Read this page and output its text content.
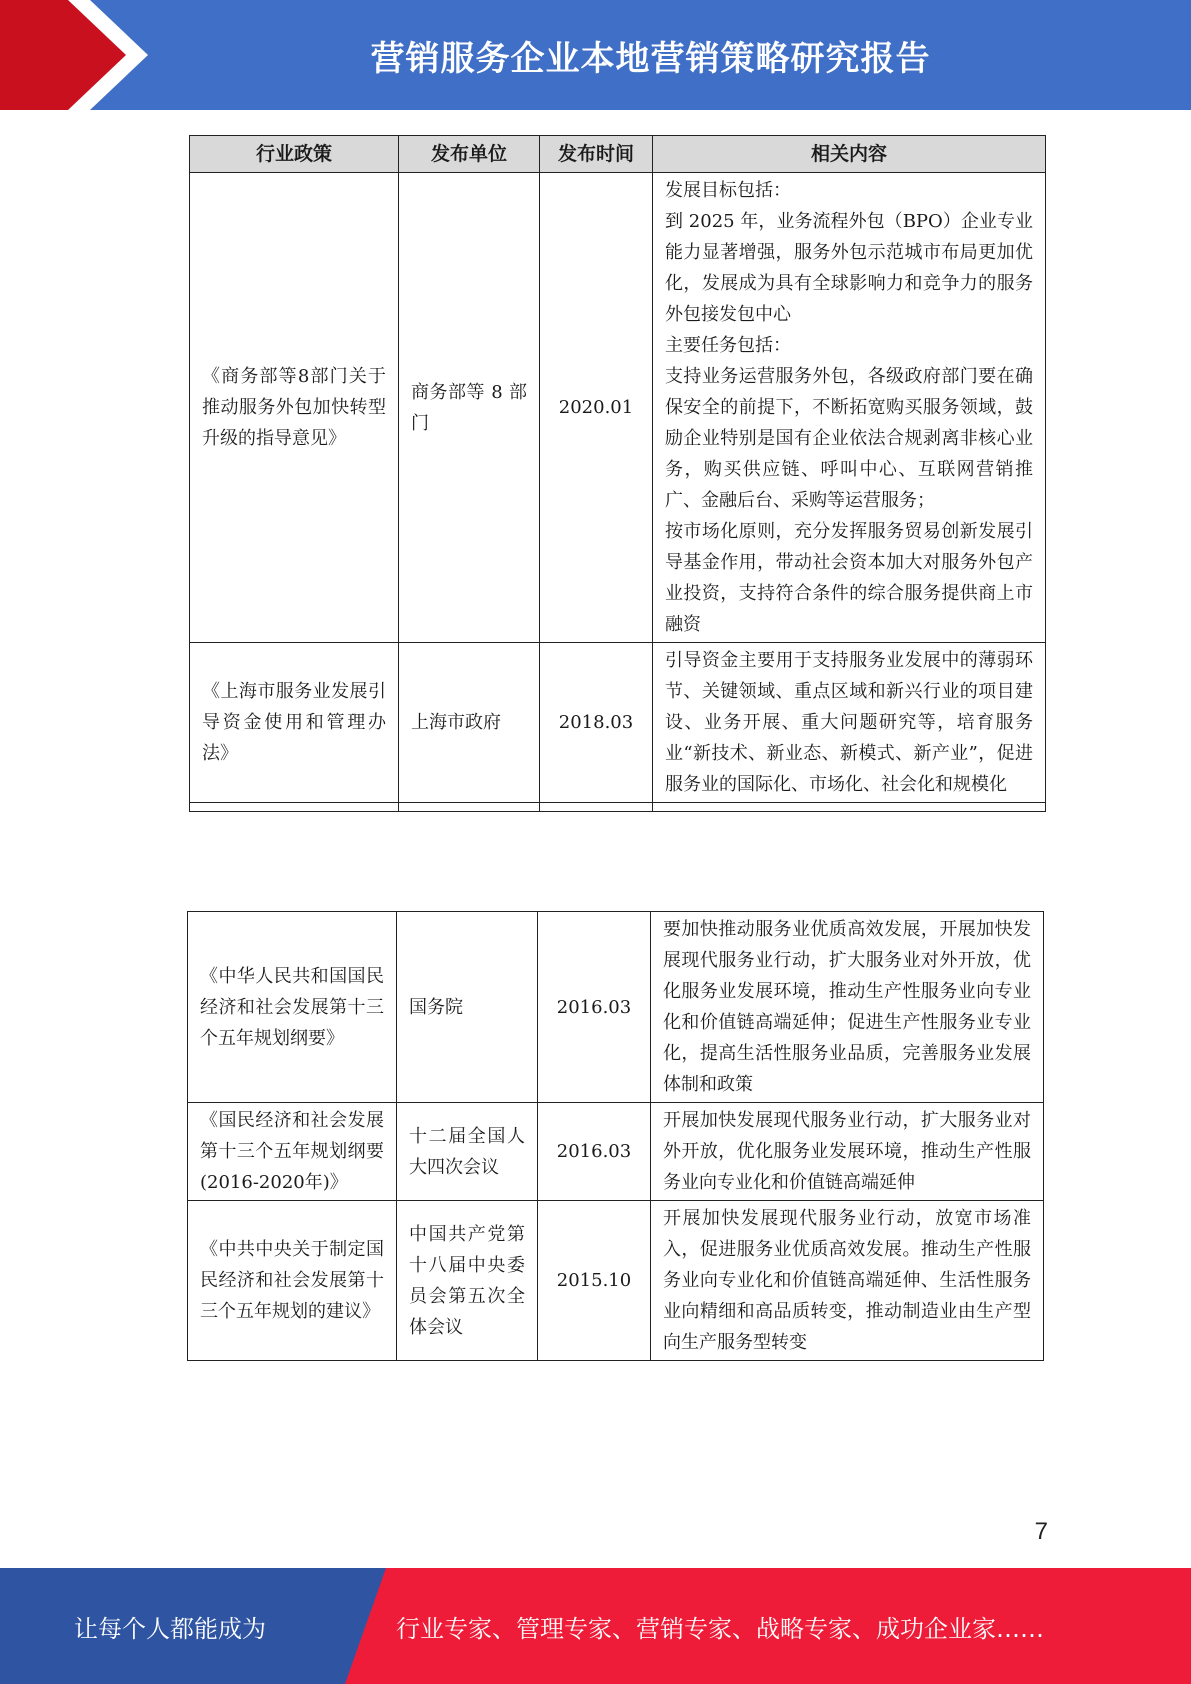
营销服务企业本地营销策略研究报告
行业政策	发布单位	发布时间	相关内容
《商务部等8部门关于推动服务外包加快转型升级的指导意见》	商务部等 8 部门	2020.01	发展目标包括：
到 2025 年，业务流程外包（BPO）企业专业能力显著增强，服务外包示范城市布局更加优化，发展成为具有全球影响力和竞争力的服务外包接发包中心
主要任务包括：
支持业务运营服务外包，各级政府部门要在确保安全的前提下，不断拓宽购买服务领域，鼓励企业特别是国有企业依法合规剥离非核心业务，购买供应链、呼叫中心、互联网营销推广、金融后台、采购等运营服务；
按市场化原则，充分发挥服务贸易创新发展引导基金作用，带动社会资本加大对服务外包产业投资，支持符合条件的综合服务提供商上市融资

《上海市服务业发展引导资金使用和管理办法》	上海市政府	2018.03	引导资金主要用于支持服务业发展中的薄弱环节、关键领域、重点区域和新兴行业的项目建设、业务开展、重大问题研究等，培育服务业“新技术、新业态、新模式、新产业”，促进服务业的国际化、市场化、社会化和规模化

《中华人民共和国国民经济和社会发展第十三个五年规划纲要》	国务院	2016.03	要加快推动服务业优质高效发展，开展加快发展现代服务业行动，扩大服务业对外开放，优化服务业发展环境，推动生产性服务业向专业化和价值链高端延伸；促进生产性服务业专业化，提高生活性服务业品质，完善服务业发展体制和政策

《国民经济和社会发展第十三个五年规划纲要(2016-2020年)》	十二届全国人大四次会议	2016.03	开展加快发展现代服务业行动，扩大服务业对外开放，优化服务业发展环境，推动生产性服务业向专业化和价值链高端延伸

《中共中央关于制定国民经济和社会发展第十三个五年规划的建议》	中国共产党第十八届中央委员会第五次全体会议	2015.10	开展加快发展现代服务业行动，放宽市场准入，促进服务业优质高效发展。推动生产性服务业向专业化和价值链高端延伸、生活性服务业向精细和高品质转变，推动制造业由生产型向生产服务型转变
7
让每个人都能成为	行业专家、管理专家、营销专家、战略专家、成功企业家……
